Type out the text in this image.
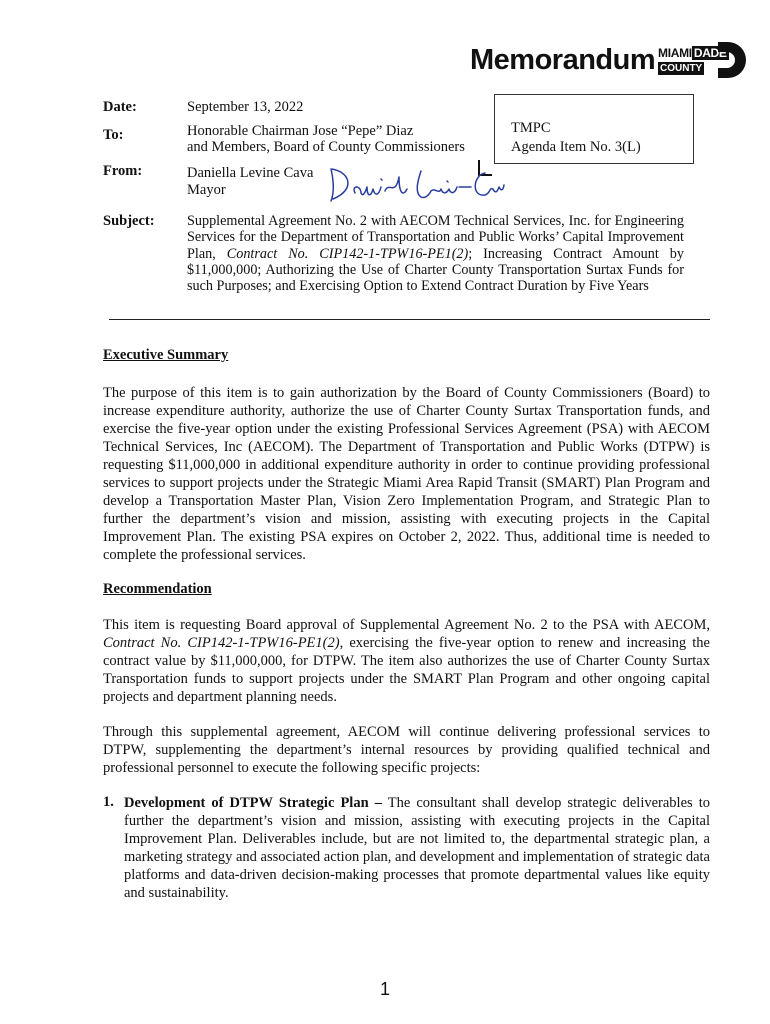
Memorandum MIAMI DADE
COUNTY
TMPC
Agenda Item No. 3(L)
Date:	September 13, 2022
To:	Honorable Chairman Jose “Pepe” Diaz
and Members, Board of County Commissioners
From:	Daniella Levine Cava
Mayor
Subject: Supplemental Agreement No. 2 with AECOM Technical Services, Inc. for Engineering Services for the Department of Transportation and Public Works’ Capital Improvement Plan, Contract No. CIP142-1-TPW16-PE1(2); Increasing Contract Amount by $11,000,000; Authorizing the Use of Charter County Transportation Surtax Funds for such Purposes; and Exercising Option to Extend Contract Duration by Five Years
Executive Summary
The purpose of this item is to gain authorization by the Board of County Commissioners (Board) to increase expenditure authority, authorize the use of Charter County Surtax Transportation funds, and exercise the five-year option under the existing Professional Services Agreement (PSA) with AECOM Technical Services, Inc (AECOM). The Department of Transportation and Public Works (DTPW) is requesting $11,000,000 in additional expenditure authority in order to continue providing professional services to support projects under the Strategic Miami Area Rapid Transit (SMART) Plan Program and develop a Transportation Master Plan, Vision Zero Implementation Program, and Strategic Plan to further the department’s vision and mission, assisting with executing projects in the Capital Improvement Plan. The existing PSA expires on October 2, 2022. Thus, additional time is needed to complete the professional services.
Recommendation
This item is requesting Board approval of Supplemental Agreement No. 2 to the PSA with AECOM, Contract No. CIP142-1-TPW16-PE1(2), exercising the five-year option to renew and increasing the contract value by $11,000,000, for DTPW. The item also authorizes the use of Charter County Surtax Transportation funds to support projects under the SMART Plan Program and other ongoing capital projects and department planning needs.
Through this supplemental agreement, AECOM will continue delivering professional services to DTPW, supplementing the department’s internal resources by providing qualified technical and professional personnel to execute the following specific projects:
1. Development of DTPW Strategic Plan – The consultant shall develop strategic deliverables to further the department’s vision and mission, assisting with executing projects in the Capital Improvement Plan. Deliverables include, but are not limited to, the departmental strategic plan, a marketing strategy and associated action plan, and development and implementation of strategic data platforms and data-driven decision-making processes that promote departmental values like equity and sustainability.
1
